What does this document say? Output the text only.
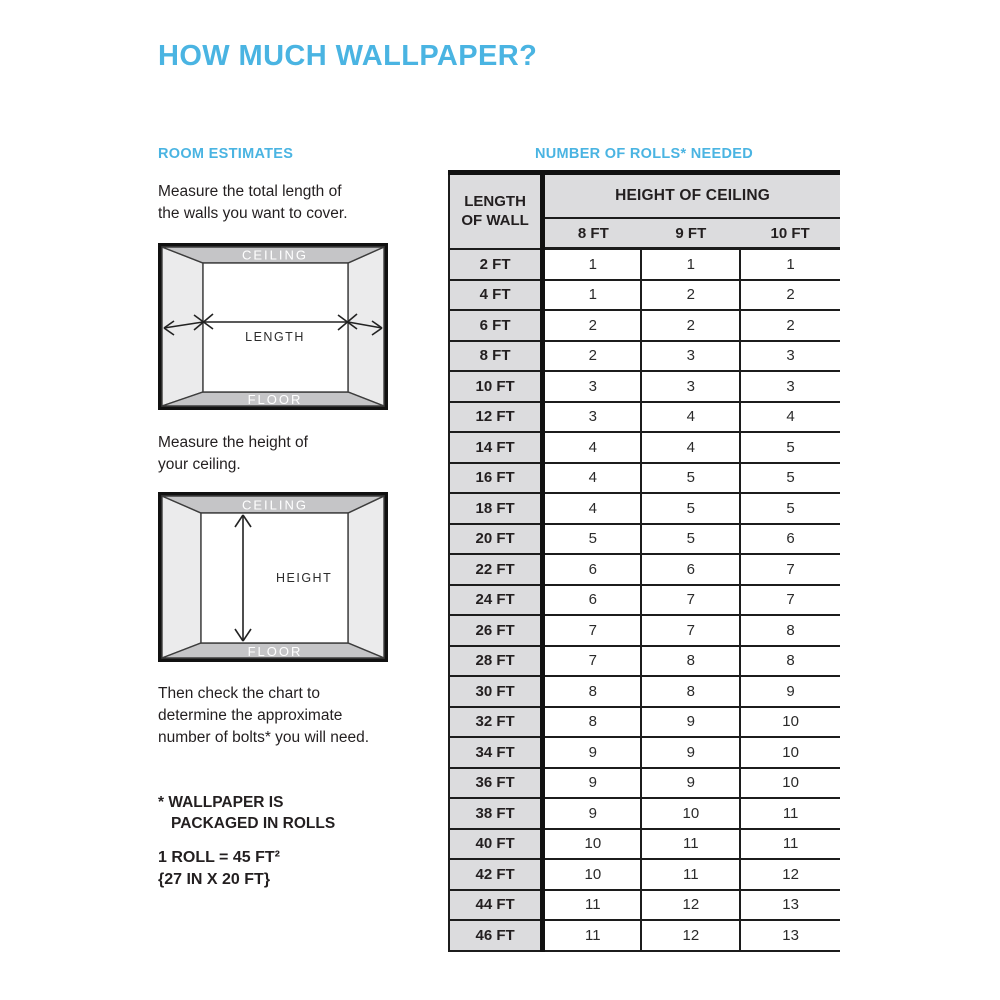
HOW MUCH WALLPAPER?
ROOM ESTIMATES
Measure the total length of
the walls you want to cover.
CEILING
FLOOR
LENGTH
Measure the height of
your ceiling.
CEILING
FLOOR
HEIGHT
Then check the chart to
determine the approximate
number of bolts* you will need.
* WALLPAPER IS
PACKAGED IN ROLLS
1 ROLL = 45 FT²
{27 IN X 20 FT}
NUMBER OF ROLLS* NEEDED
LENGTH
OF WALL	HEIGHT OF CEILING		
	8 FT	9 FT	10 FT
2 FT	1	1	1
4 FT	1	2	2
6 FT	2	2	2
8 FT	2	3	3
10 FT	3	3	3
12 FT	3	4	4
14 FT	4	4	5
16 FT	4	5	5
18 FT	4	5	5
20 FT	5	5	6
22 FT	6	6	7
24 FT	6	7	7
26 FT	7	7	8
28 FT	7	8	8
30 FT	8	8	9
32 FT	8	9	10
34 FT	9	9	10
36 FT	9	9	10
38 FT	9	10	11
40 FT	10	11	11
42 FT	10	11	12
44 FT	11	12	13
46 FT	11	12	13
